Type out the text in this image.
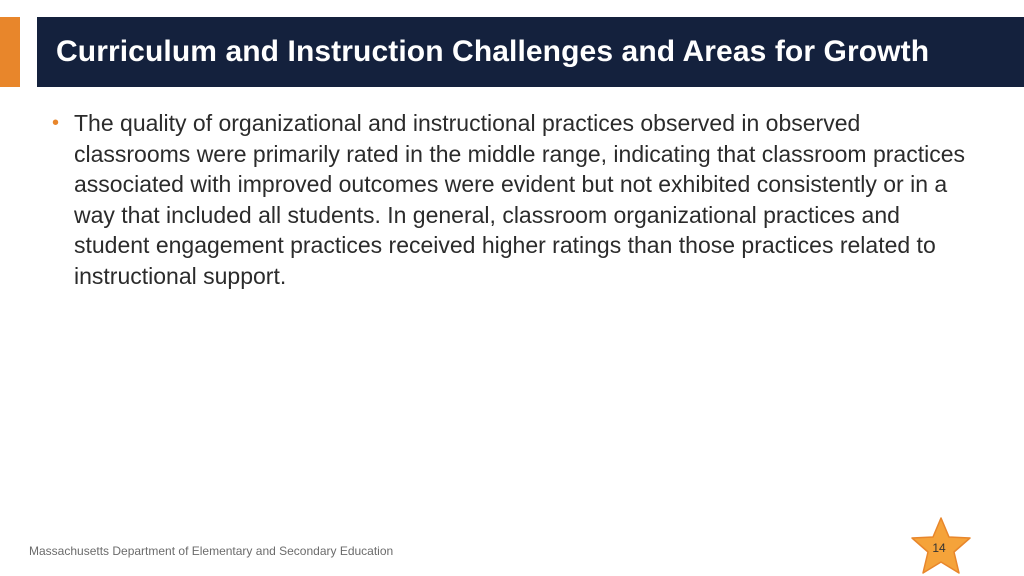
Curriculum and Instruction Challenges and Areas for Growth
• The quality of organizational and instructional practices observed in observed classrooms were primarily rated in the middle range, indicating that classroom practices associated with improved outcomes were evident but not exhibited consistently or in a way that included all students. In general, classroom organizational practices and student engagement practices received higher ratings than those practices related to instructional support.

Massachusetts Department of Elementary and Secondary Education	14
